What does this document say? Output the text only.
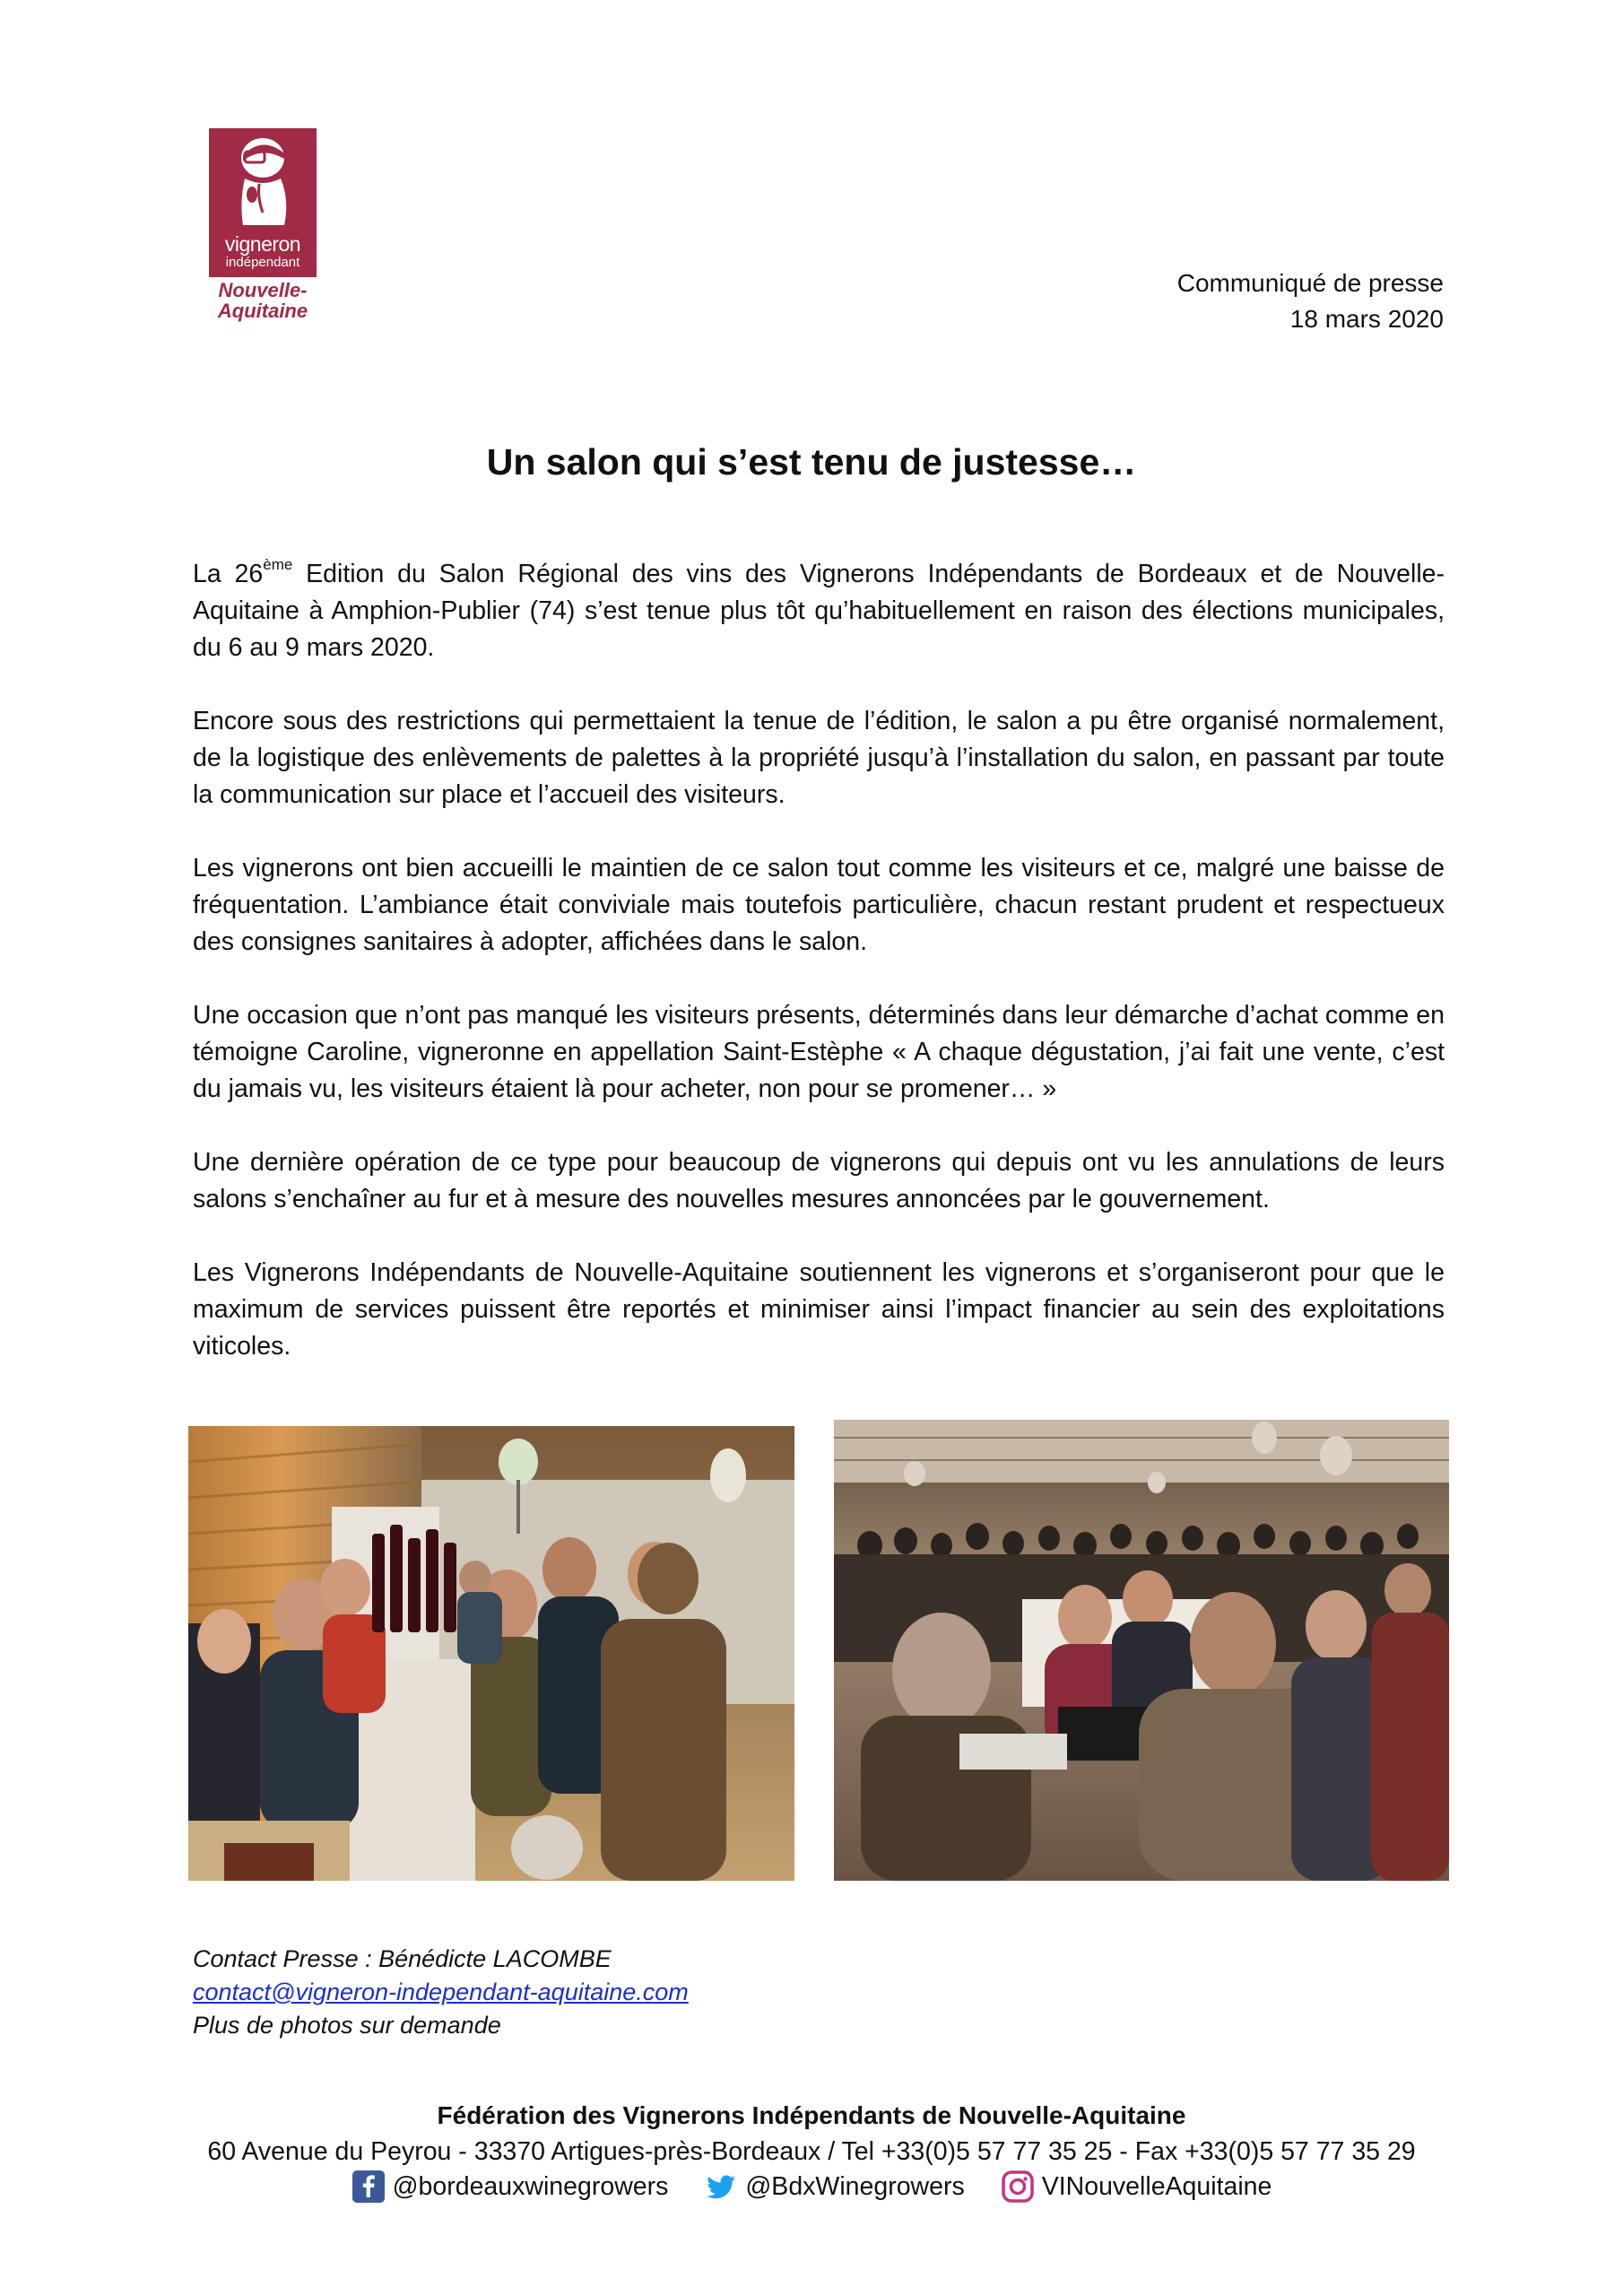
vigneron
indépendant
Nouvelle-
Aquitaine
Communiqué de presse
18 mars 2020
Un salon qui s’est tenu de justesse…

La 26ème Edition du Salon Régional des vins des Vignerons Indépendants de Bordeaux et de Nouvelle-Aquitaine à Amphion-Publier (74) s’est tenue plus tôt qu’habituellement en raison des élections municipales, du 6 au 9 mars 2020.

Encore sous des restrictions qui permettaient la tenue de l’édition, le salon a pu être organisé normalement, de la logistique des enlèvements de palettes à la propriété jusqu’à l’installation du salon, en passant par toute la communication sur place et l’accueil des visiteurs.

Les vignerons ont bien accueilli le maintien de ce salon tout comme les visiteurs et ce, malgré une baisse de fréquentation. L’ambiance était conviviale mais toutefois particulière, chacun restant prudent et respectueux des consignes sanitaires à adopter, affichées dans le salon.

Une occasion que n’ont pas manqué les visiteurs présents, déterminés dans leur démarche d’achat comme en témoigne Caroline, vigneronne en appellation Saint-Estèphe « A chaque dégustation, j’ai fait une vente, c’est du jamais vu, les visiteurs étaient là pour acheter, non pour se promener… »

Une dernière opération de ce type pour beaucoup de vignerons qui depuis ont vu les annulations de leurs salons s’enchaîner au fur et à mesure des nouvelles mesures annoncées par le gouvernement.

Les Vignerons Indépendants de Nouvelle-Aquitaine soutiennent les vignerons et s’organiseront pour que le maximum de services puissent être reportés et minimiser ainsi l’impact financier au sein des exploitations viticoles.

Contact Presse : Bénédicte LACOMBE
contact@vigneron-independant-aquitaine.com
Plus de photos sur demande
Fédération des Vignerons Indépendants de Nouvelle-Aquitaine
60 Avenue du Peyrou - 33370 Artigues-près-Bordeaux / Tel +33(0)5 57 77 35 25 - Fax +33(0)5 57 77 35 29
@bordeauxwinegrowers	@BdxWinegrowers	VINouvelleAquitaine
